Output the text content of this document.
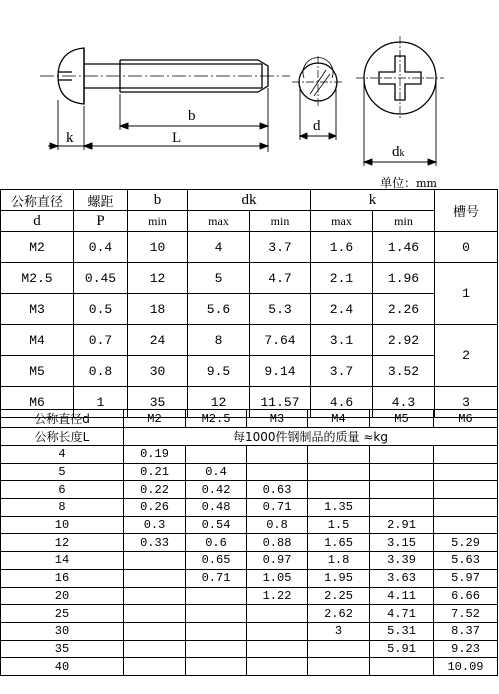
k
b
L
d
dk
单位：mm
公称直径	螺距	b	dk		k		槽号
d	P	min	max	min	max	min	
M2	0.4	10	4	3.7	1.6	1.46	0
M2.5	0.45	12	5	4.7	2.1	1.96	1
M3	0.5	18	5.6	5.3	2.4	2.26	
M4	0.7	24	8	7.64	3.1	2.92	2
M5	0.8	30	9.5	9.14	3.7	3.52	
M6	1	35	12	11.57	4.6	4.3	3
公称直径d	M2	M2.5	M3	M4	M5	M6
公称长度L	每1000件钢制品的质量 ≈kg					
4	0.19					
5	0.21	0.4				
6	0.22	0.42	0.63			
8	0.26	0.48	0.71	1.35		
10	0.3	0.54	0.8	1.5	2.91	
12	0.33	0.6	0.88	1.65	3.15	5.29
14		0.65	0.97	1.8	3.39	5.63
16		0.71	1.05	1.95	3.63	5.97
20			1.22	2.25	4.11	6.66
25				2.62	4.71	7.52
30				3	5.31	8.37
35					5.91	9.23
40						10.09
